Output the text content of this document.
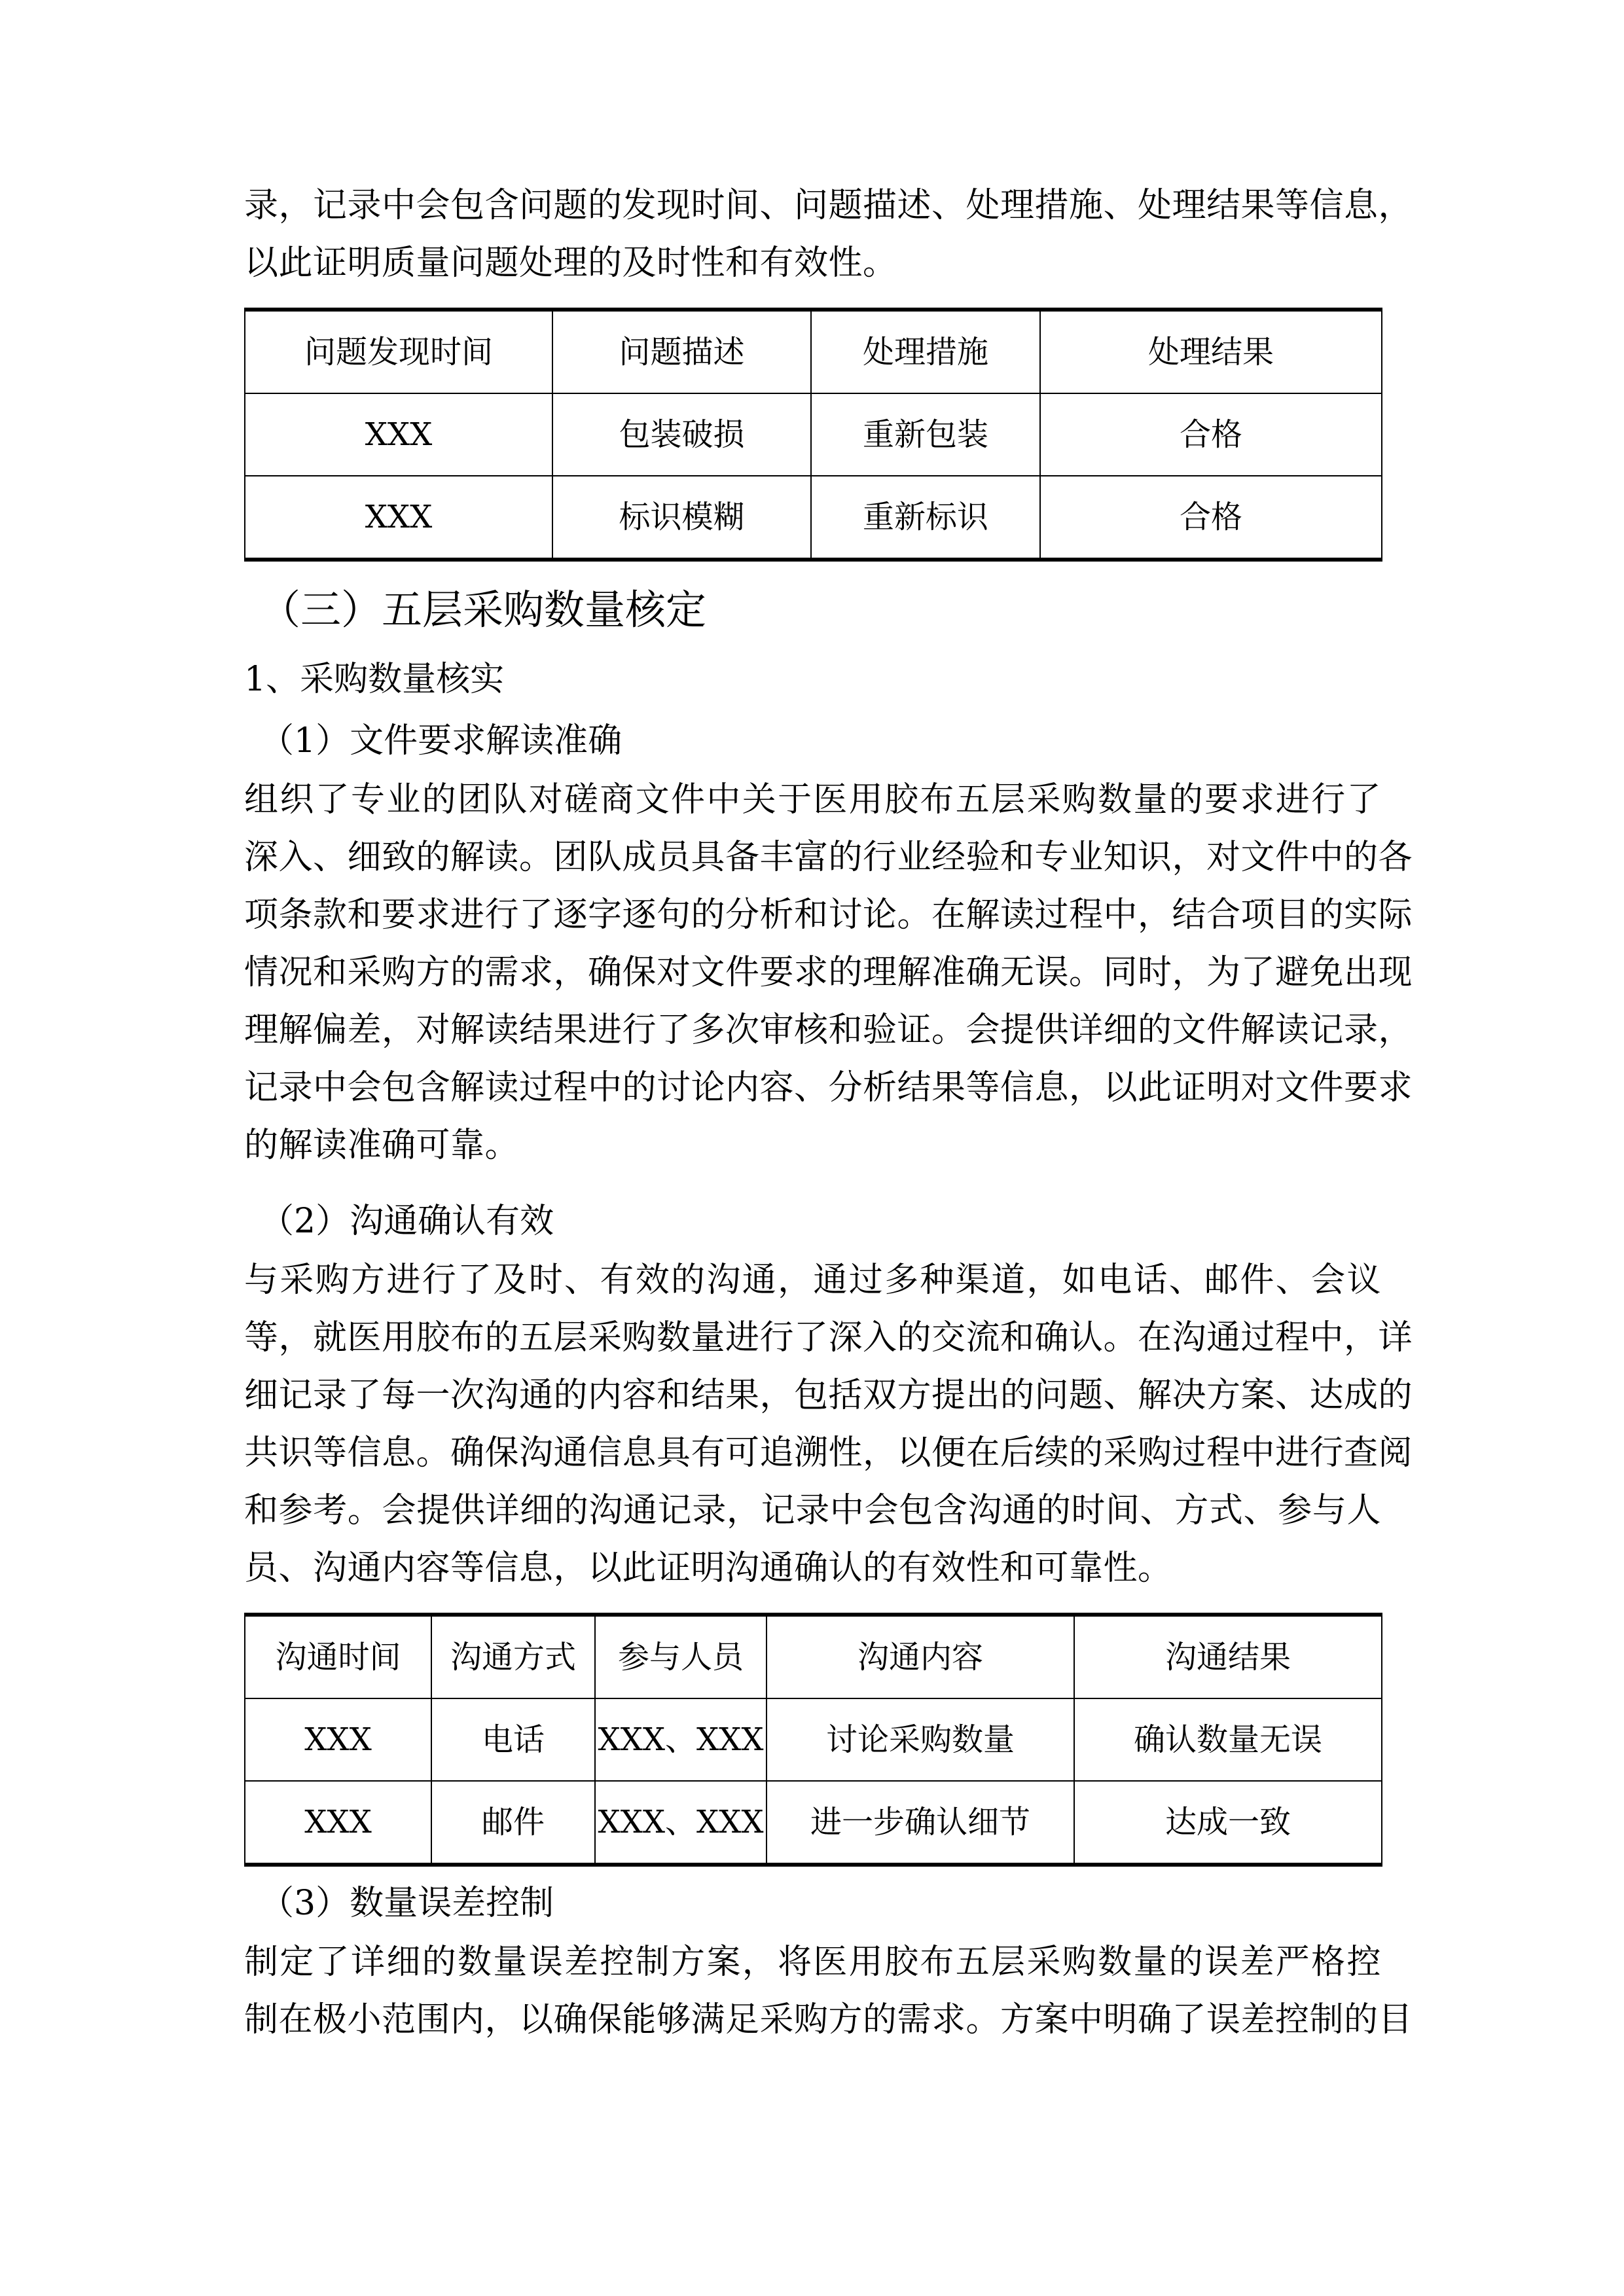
录，记录中会包含问题的发现时间、问题描述、处理措施、处理结果等信息，
以此证明质量问题处理的及时性和有效性。
问题发现时间	问题描述	处理措施	处理结果
XXX	包装破损	重新包装	合格
XXX	标识模糊	重新标识	合格
（三）五层采购数量核定
1、采购数量核实
（1）文件要求解读准确
组织了专业的团队对磋商文件中关于医用胶布五层采购数量的要求进行了
深入、细致的解读。团队成员具备丰富的行业经验和专业知识，对文件中的各
项条款和要求进行了逐字逐句的分析和讨论。在解读过程中，结合项目的实际
情况和采购方的需求，确保对文件要求的理解准确无误。同时，为了避免出现
理解偏差，对解读结果进行了多次审核和验证。会提供详细的文件解读记录，
记录中会包含解读过程中的讨论内容、分析结果等信息，以此证明对文件要求
的解读准确可靠。
（2）沟通确认有效
与采购方进行了及时、有效的沟通，通过多种渠道，如电话、邮件、会议
等，就医用胶布的五层采购数量进行了深入的交流和确认。在沟通过程中，详
细记录了每一次沟通的内容和结果，包括双方提出的问题、解决方案、达成的
共识等信息。确保沟通信息具有可追溯性，以便在后续的采购过程中进行查阅
和参考。会提供详细的沟通记录，记录中会包含沟通的时间、方式、参与人
员、沟通内容等信息，以此证明沟通确认的有效性和可靠性。
沟通时间	沟通方式	参与人员	沟通内容	沟通结果
XXX	电话	XXX、XXX	讨论采购数量	确认数量无误
XXX	邮件	XXX、XXX	进一步确认细节	达成一致
（3）数量误差控制
制定了详细的数量误差控制方案，将医用胶布五层采购数量的误差严格控
制在极小范围内，以确保能够满足采购方的需求。方案中明确了误差控制的目
